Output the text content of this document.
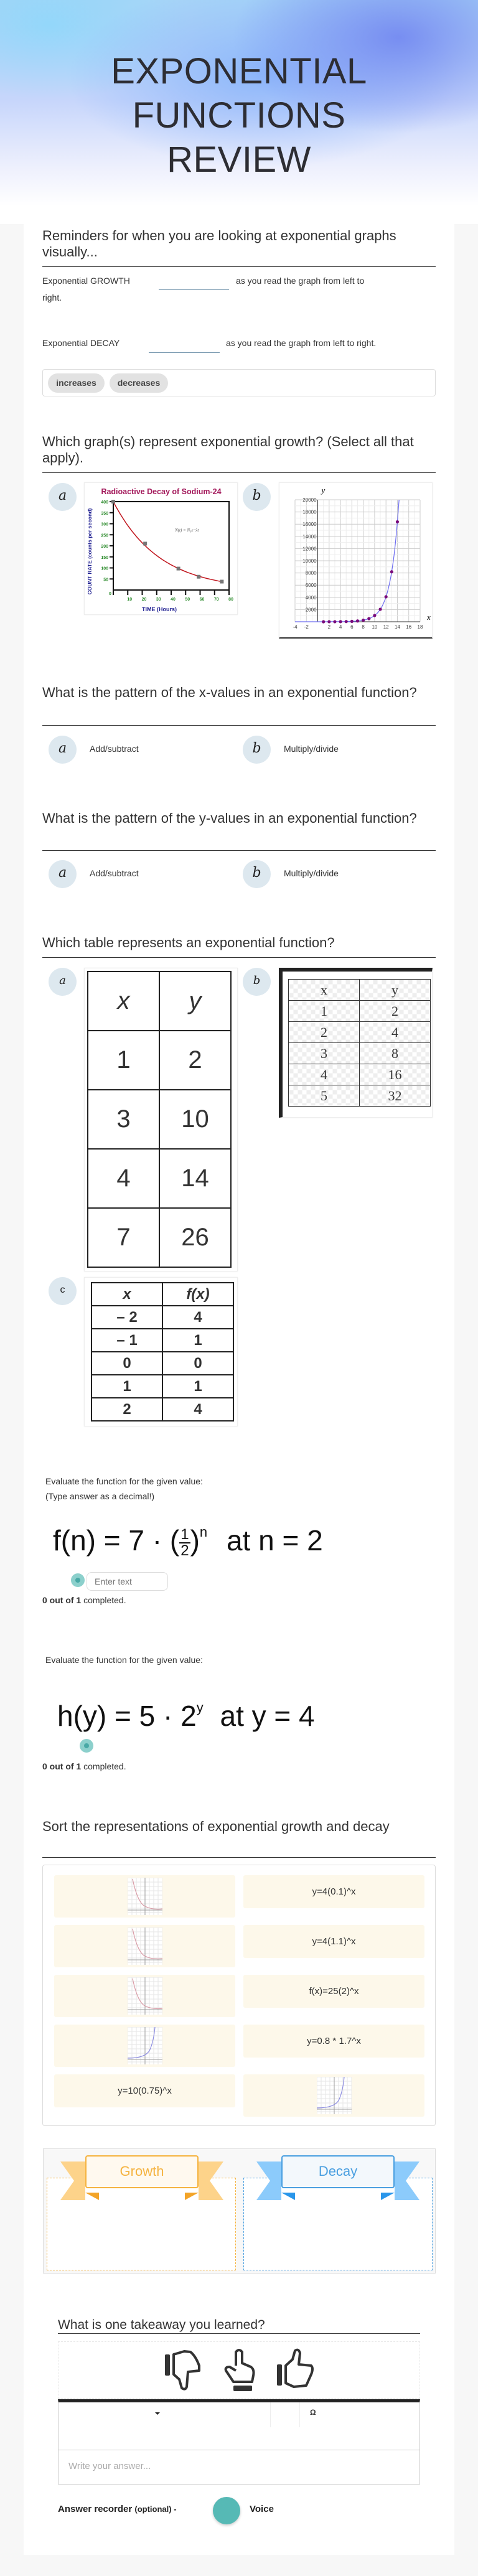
EXPONENTIAL
FUNCTIONS
REVIEW
Reminders for when you are looking at exponential graphs visually...
Exponential GROWTH	as you read the graph from left to
right.
Exponential DECAY	as you read the graph from left to right.
increases	decreases
Which graph(s) represent exponential growth? (Select all that apply).
a	Radioactive Decay of Sodium-24
50
100
150
200
250
300
350
400
0
10 20 30 40 50 60 70 80
N(t) = N₀e⁻λt
TIME (Hours)
COUNT RATE (counts per second)
b
2000
4000
6000
8000
10000
12000
14000
16000
18000
20000
-4 -2	2 4 6 8 10 12 14 16 18
y
x
What is the pattern of the x-values in an exponential function?
a	Add/subtract	b	Multiply/divide
What is the pattern of the y-values in an exponential function?
a	Add/subtract	b	Multiply/divide
Which table represents an exponential function?
a
x	y
1	2
3	10
4	14
7	26
b
x	y
1	2
2	4
3	8
4	16
5	32
c	x	f(x)
– 2	4
– 1	1
0	0
1	1
2	4
Evaluate the function for the given value:
(Type answer as a decimal!)
f(n) = 7 · ( $\frac{1}{2} )^n$ at n = 2
Enter text
0 out of 1 completed.
Evaluate the function for the given value:
$h(y) = 5 \cdot 2^y$ at y = 4
0 out of 1 completed.
Sort the representations of exponential growth and decay
y=10(0.75)^x
y=4(0.1)^x
y=4(1.1)^x
f(x)=25(2)^x
y=0.8 * 1.7^x
Growth	Decay
What is one takeaway you learned?
Ω
Write your answer...
Answer recorder (optional) -	Voice
